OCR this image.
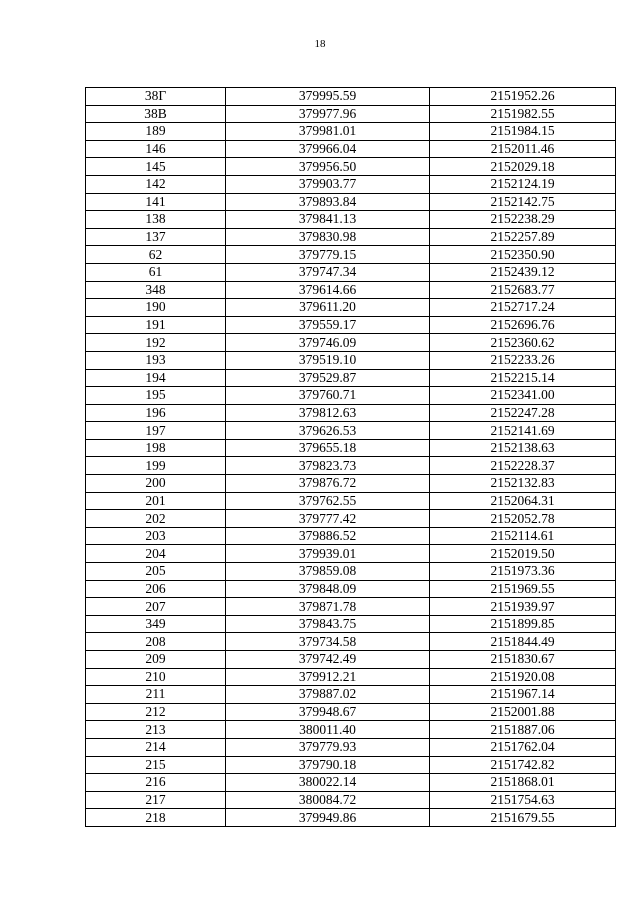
18
38Г	379995.59	2151952.26
38В	379977.96	2151982.55
189	379981.01	2151984.15
146	379966.04	2152011.46
145	379956.50	2152029.18
142	379903.77	2152124.19
141	379893.84	2152142.75
138	379841.13	2152238.29
137	379830.98	2152257.89
62	379779.15	2152350.90
61	379747.34	2152439.12
348	379614.66	2152683.77
190	379611.20	2152717.24
191	379559.17	2152696.76
192	379746.09	2152360.62
193	379519.10	2152233.26
194	379529.87	2152215.14
195	379760.71	2152341.00
196	379812.63	2152247.28
197	379626.53	2152141.69
198	379655.18	2152138.63
199	379823.73	2152228.37
200	379876.72	2152132.83
201	379762.55	2152064.31
202	379777.42	2152052.78
203	379886.52	2152114.61
204	379939.01	2152019.50
205	379859.08	2151973.36
206	379848.09	2151969.55
207	379871.78	2151939.97
349	379843.75	2151899.85
208	379734.58	2151844.49
209	379742.49	2151830.67
210	379912.21	2151920.08
211	379887.02	2151967.14
212	379948.67	2152001.88
213	380011.40	2151887.06
214	379779.93	2151762.04
215	379790.18	2151742.82
216	380022.14	2151868.01
217	380084.72	2151754.63
218	379949.86	2151679.55
